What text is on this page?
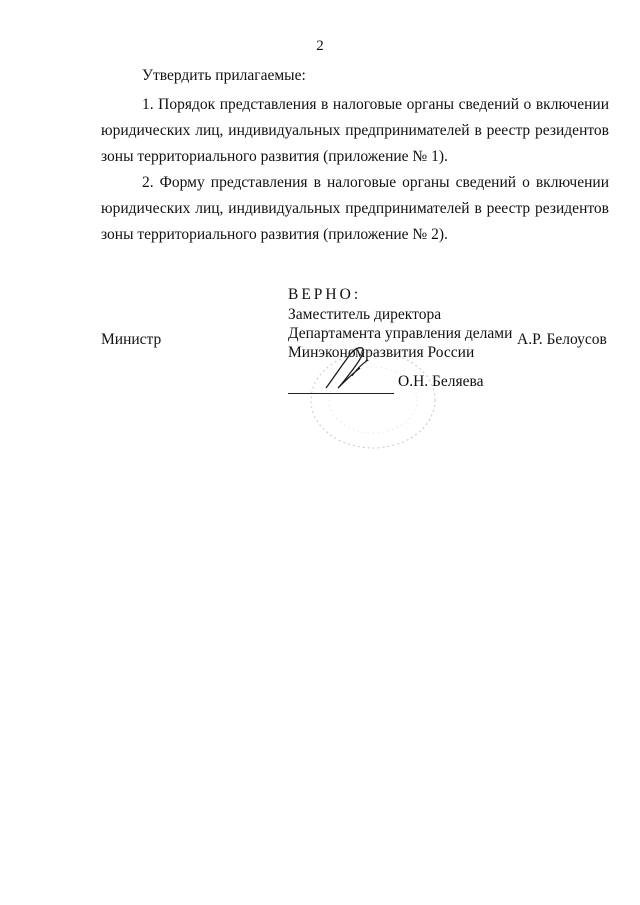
2
Утвердить прилагаемые:
1. Порядок представления в налоговые органы сведений о включении юридических лиц, индивидуальных предпринимателей в реестр резидентов зоны территориального развития (приложение № 1).
2. Форму представления в налоговые органы сведений о включении юридических лиц, индивидуальных предпринимателей в реестр резидентов зоны территориального развития (приложение № 2).
Министр	А.Р. Белоусов
ВЕРНО:
Заместитель директора
Департамента управления делами
Минэкономразвития России
О.Н. Беляева
